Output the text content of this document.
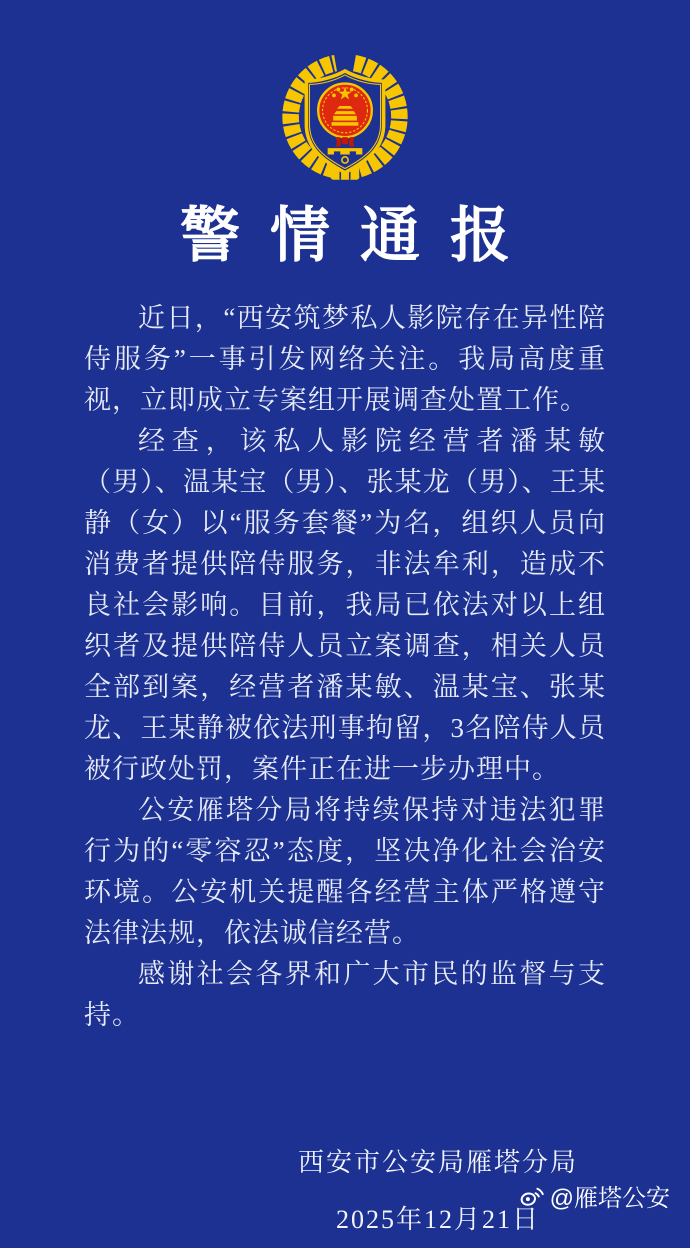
警情通报

近日，“西安筑梦私人影院存在异性陪侍服务”一事引发网络关注。我局高度重视，立即成立专案组开展调查处置工作。

经查，该私人影院经营者潘某敏（男）、温某宝（男）、张某龙（男）、王某静（女）以“服务套餐”为名，组织人员向消费者提供陪侍服务，非法牟利，造成不良社会影响。目前，我局已依法对以上组织者及提供陪侍人员立案调查，相关人员全部到案，经营者潘某敏、温某宝、张某龙、王某静被依法刑事拘留，3名陪侍人员被行政处罚，案件正在进一步办理中。

公安雁塔分局将持续保持对违法犯罪行为的“零容忍”态度，坚决净化社会治安环境。公安机关提醒各经营主体严格遵守法律法规，依法诚信经营。

感谢社会各界和广大市民的监督与支持。

西安市公安局雁塔分局
2025年12月21日
@雁塔公安
